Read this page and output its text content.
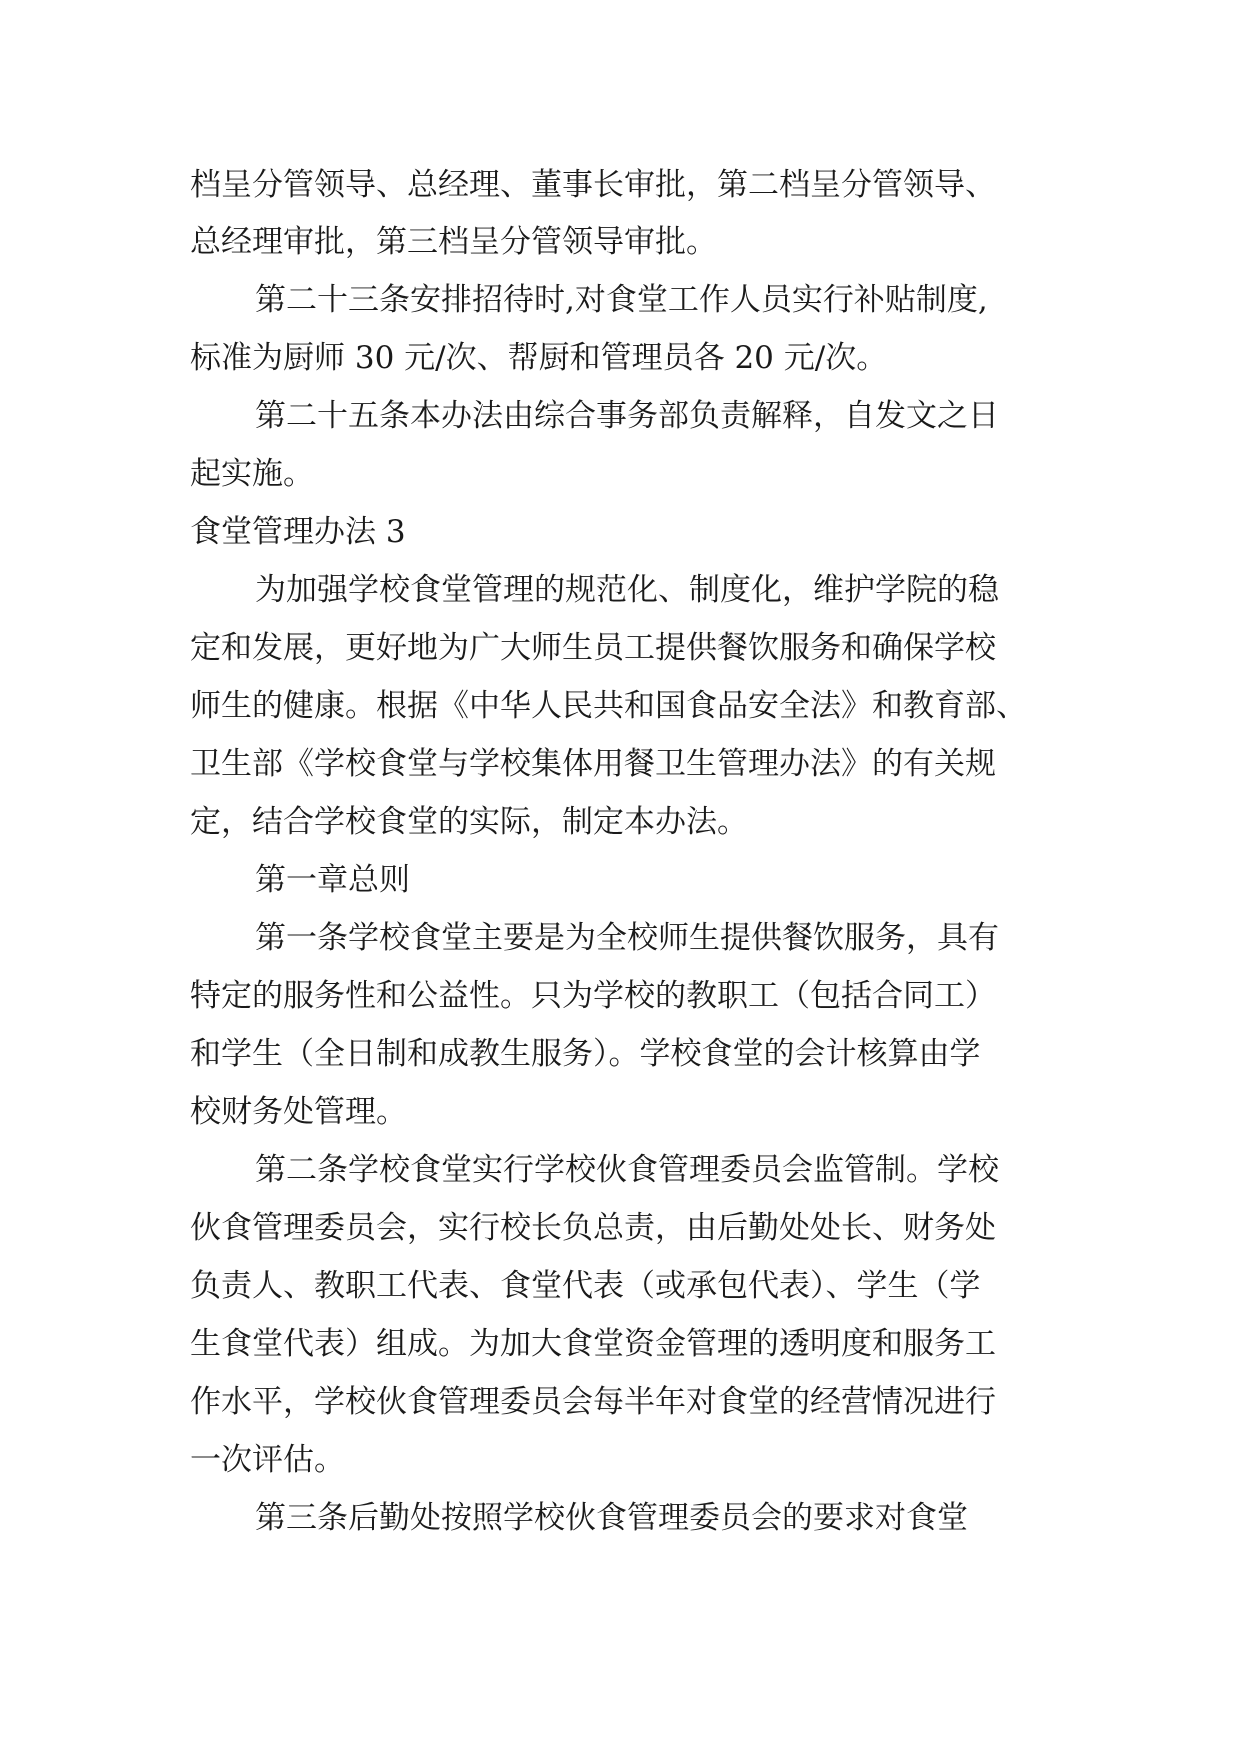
档呈分管领导、总经理、董事长审批，第二档呈分管领导、
总经理审批，第三档呈分管领导审批。
第二十三条安排招待时,对食堂工作人员实行补贴制度,
标准为厨师 30 元/次、帮厨和管理员各 20 元/次。
第二十五条本办法由综合事务部负责解释，自发文之日
起实施。
食堂管理办法 3
为加强学校食堂管理的规范化、制度化，维护学院的稳
定和发展，更好地为广大师生员工提供餐饮服务和确保学校
师生的健康。根据《中华人民共和国食品安全法》和教育部、
卫生部《学校食堂与学校集体用餐卫生管理办法》的有关规
定，结合学校食堂的实际，制定本办法。
第一章总则
第一条学校食堂主要是为全校师生提供餐饮服务，具有
特定的服务性和公益性。只为学校的教职工（包括合同工）
和学生（全日制和成教生服务）。学校食堂的会计核算由学
校财务处管理。
第二条学校食堂实行学校伙食管理委员会监管制。学校
伙食管理委员会，实行校长负总责，由后勤处处长、财务处
负责人、教职工代表、食堂代表（或承包代表）、学生（学
生食堂代表）组成。为加大食堂资金管理的透明度和服务工
作水平，学校伙食管理委员会每半年对食堂的经营情况进行
一次评估。
第三条后勤处按照学校伙食管理委员会的要求对食堂
